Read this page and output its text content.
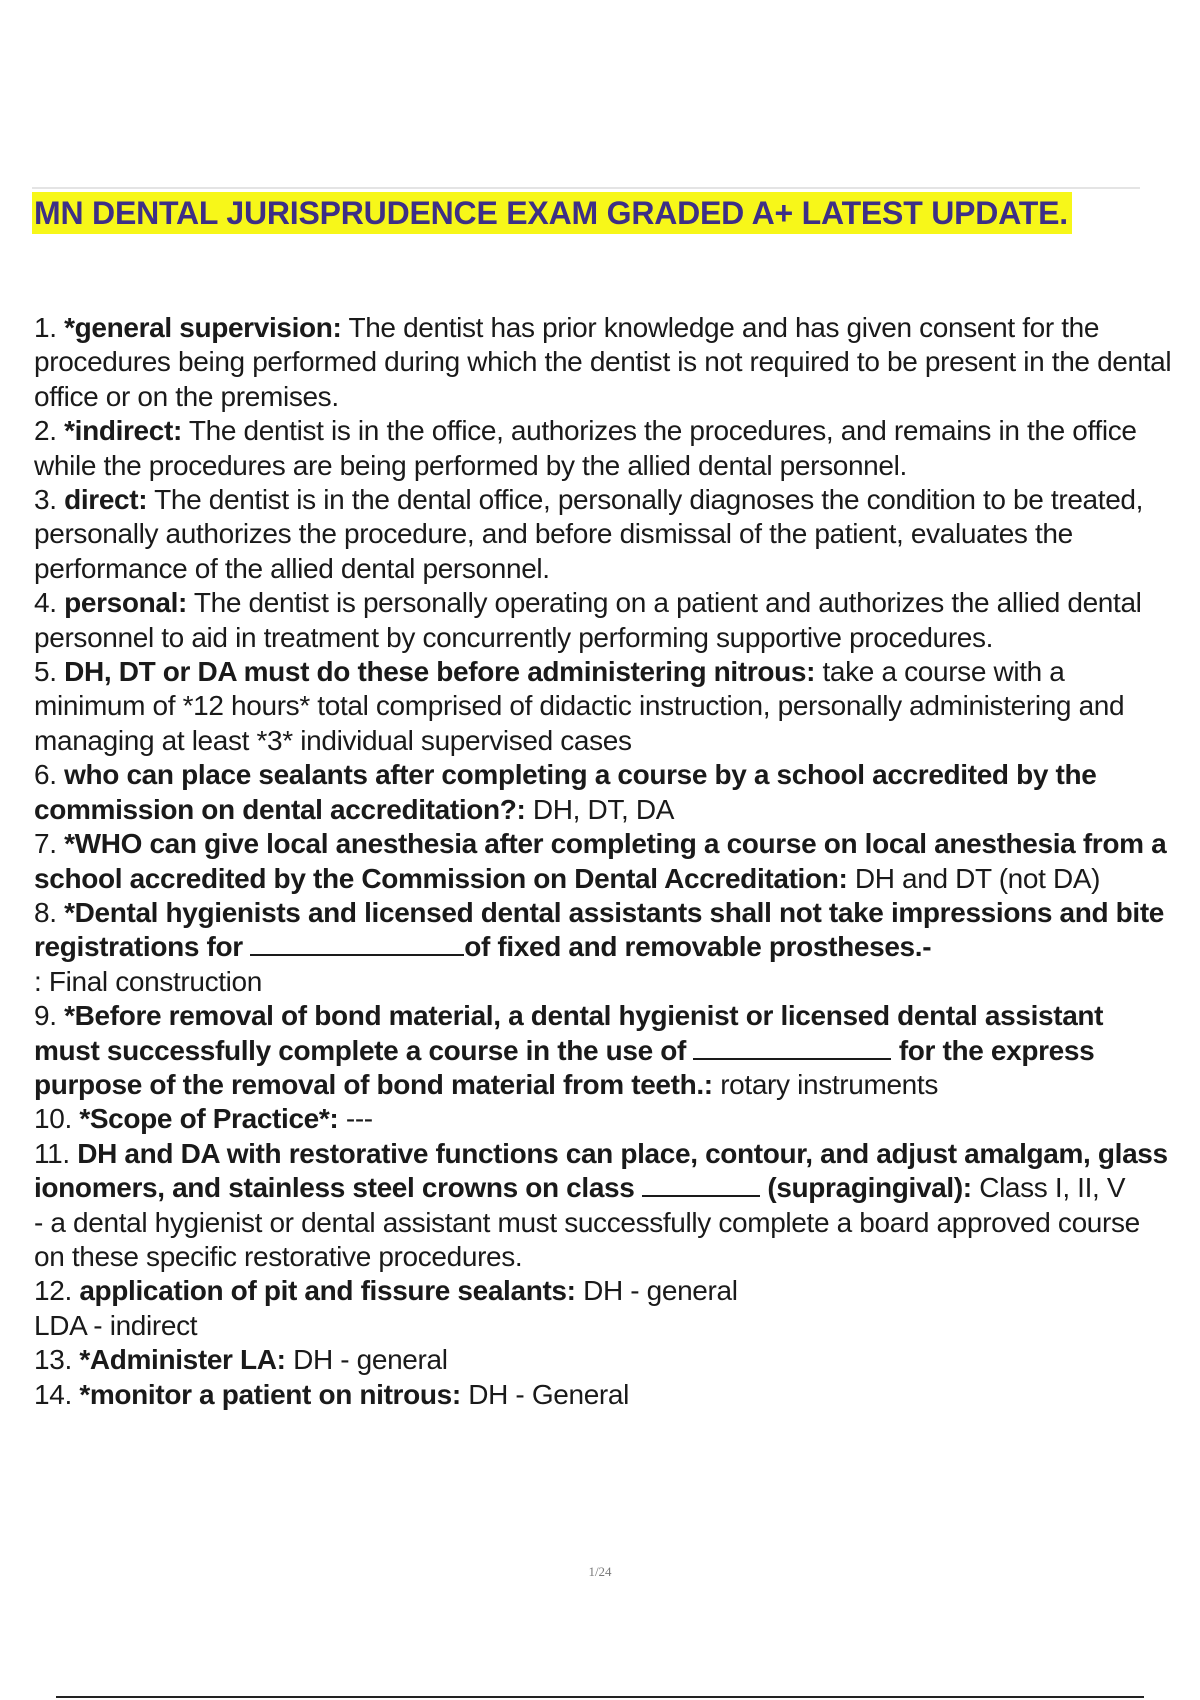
MN DENTAL JURISPRUDENCE EXAM GRADED A+ LATEST UPDATE.

1. *general supervision: The dentist has prior knowledge and has given consent for the procedures being performed during which the dentist is not required to be present in the dental office or on the premises.

2. *indirect: The dentist is in the office, authorizes the procedures, and remains in the office while the procedures are being performed by the allied dental personnel.

3. direct: The dentist is in the dental office, personally diagnoses the condition to be treated, personally authorizes the procedure, and before dismissal of the patient, evaluates the performance of the allied dental personnel.

4. personal: The dentist is personally operating on a patient and authorizes the allied dental personnel to aid in treatment by concurrently performing supportive procedures.

5. DH, DT or DA must do these before administering nitrous: take a course with a minimum of *12 hours* total comprised of didactic instruction, personally administering and managing at least *3* individual supervised cases

6. who can place sealants after completing a course by a school accredited by the commission on dental accreditation?: DH, DT, DA

7. *WHO can give local anesthesia after completing a course on local anesthesia from a school accredited by the Commission on Dental Accreditation: DH and DT (not DA)

8. *Dental hygienists and licensed dental assistants shall not take impressions and bite registrations for	of fixed and removable prostheses.-
: Final construction

9. *Before removal of bond material, a dental hygienist or licensed dental assistant must successfully complete a course in the use of	for the express purpose of the removal of bond material from teeth.: rotary instruments

10. *Scope of Practice*: ---

11. DH and DA with restorative functions can place, contour, and adjust amalgam, glass ionomers, and stainless steel crowns on class	(supragingival): Class I, II, V
- a dental hygienist or dental assistant must successfully complete a board approved course on these specific restorative procedures.

12. application of pit and fissure sealants: DH - general
LDA - indirect

13. *Administer LA: DH - general

14. *monitor a patient on nitrous: DH - General

1/24
